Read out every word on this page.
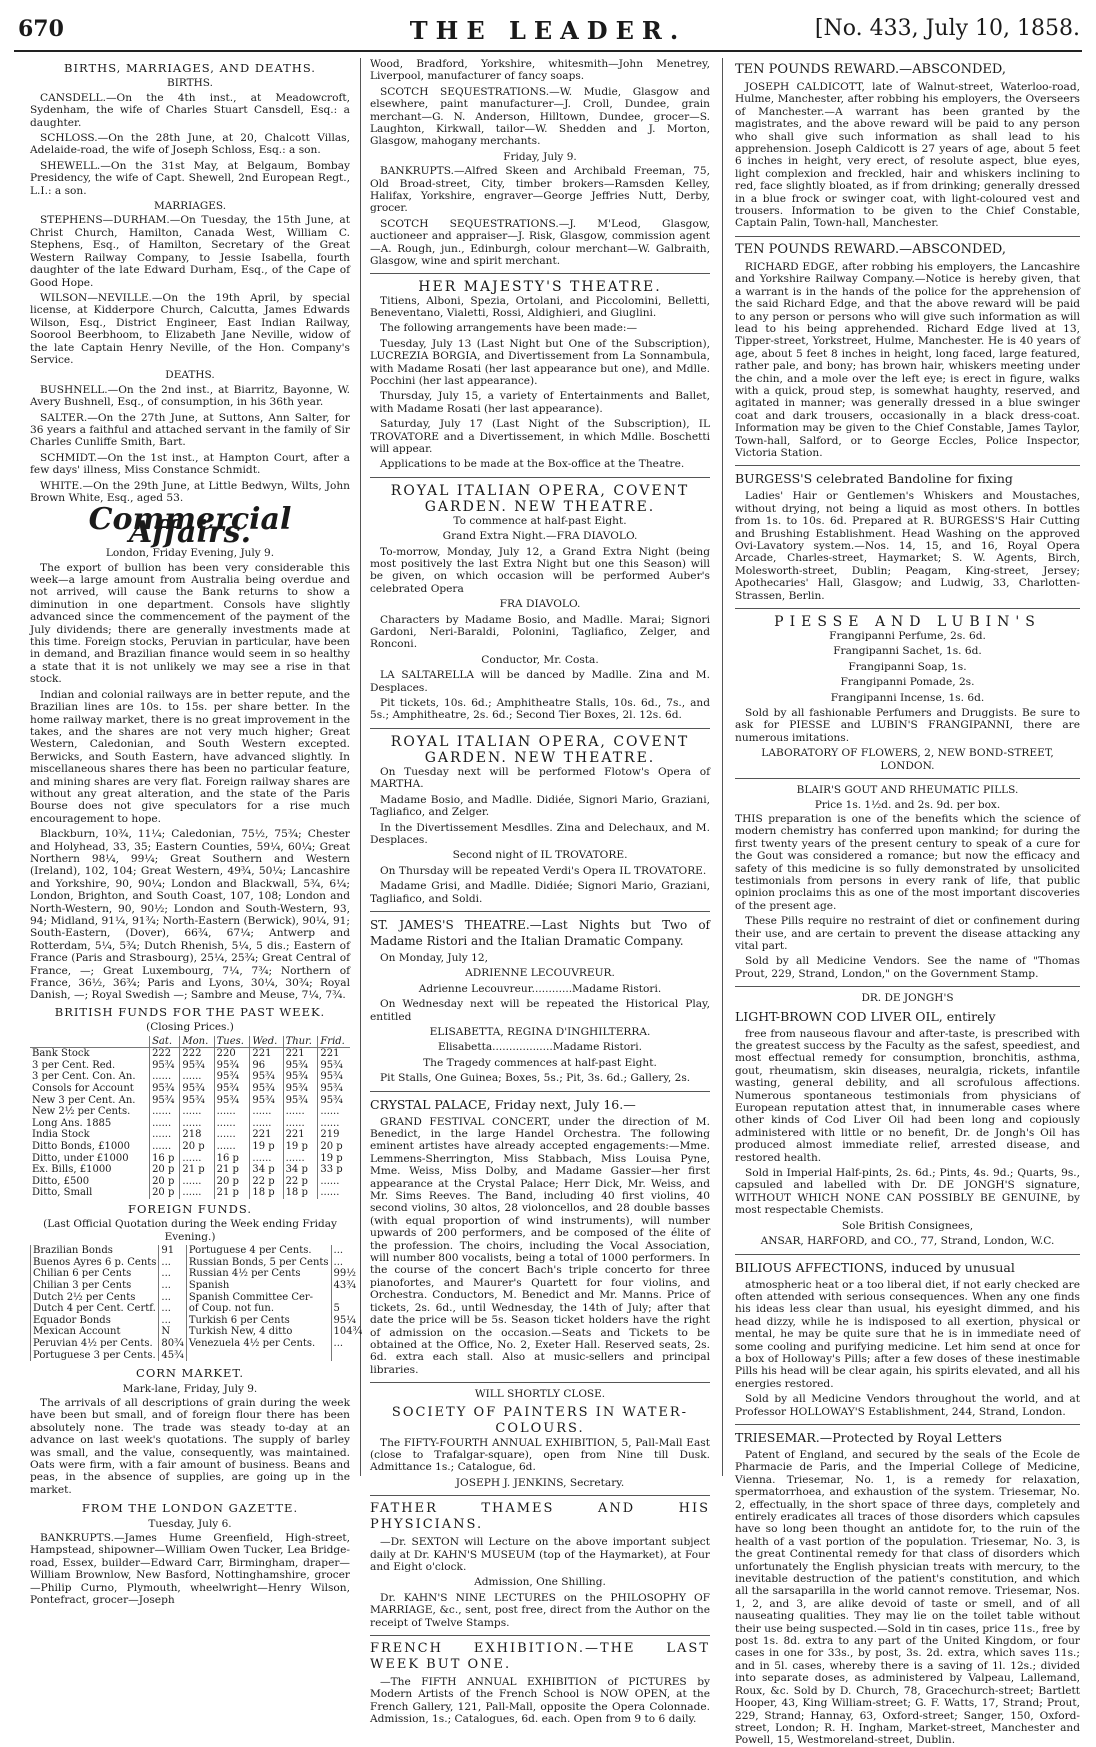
670	THE LEADER.	[No. 433, July 10, 1858.
BIRTHS, MARRIAGES, AND DEATHS.
BIRTHS.

CANSDELL.—On the 4th inst., at Meadowcroft, Sydenham, the wife of Charles Stuart Cansdell, Esq.: a daughter.

SCHLOSS.—On the 28th June, at 20, Chalcott Villas, Adelaide-road, the wife of Joseph Schloss, Esq.: a son.

SHEWELL.—On the 31st May, at Belgaum, Bombay Presidency, the wife of Capt. Shewell, 2nd European Regt., L.I.: a son.

MARRIAGES.

STEPHENS—DURHAM.—On Tuesday, the 15th June, at Christ Church, Hamilton, Canada West, William C. Stephens, Esq., of Hamilton, Secretary of the Great Western Railway Company, to Jessie Isabella, fourth daughter of the late Edward Durham, Esq., of the Cape of Good Hope.

WILSON—NEVILLE.—On the 19th April, by special license, at Kidderpore Church, Calcutta, James Edwards Wilson, Esq., District Engineer, East Indian Railway, Soorool Beerbhoom, to Elizabeth Jane Neville, widow of the late Captain Henry Neville, of the Hon. Company's Service.

DEATHS.

BUSHNELL.—On the 2nd inst., at Biarritz, Bayonne, W. Avery Bushnell, Esq., of consumption, in his 36th year.

SALTER.—On the 27th June, at Suttons, Ann Salter, for 36 years a faithful and attached servant in the family of Sir Charles Cunliffe Smith, Bart.

SCHMIDT.—On the 1st inst., at Hampton Court, after a few days' illness, Miss Constance Schmidt.

WHITE.—On the 29th June, at Little Bedwyn, Wilts, John Brown White, Esq., aged 53.

Commercial Affairs.
London, Friday Evening, July 9.

The export of bullion has been very considerable this week—a large amount from Australia being overdue and not arrived, will cause the Bank returns to show a diminution in one department. Consols have slightly advanced since the commencement of the payment of the July dividends; there are generally investments made at this time. Foreign stocks, Peruvian in particular, have been in demand, and Brazilian finance would seem in so healthy a state that it is not unlikely we may see a rise in that stock.

Indian and colonial railways are in better repute, and the Brazilian lines are 10s. to 15s. per share better. In the home railway market, there is no great improvement in the takes, and the shares are not very much higher; Great Western, Caledonian, and South Western excepted. Berwicks, and South Eastern, have advanced slightly. In miscellaneous shares there has been no particular feature, and mining shares are very flat. Foreign railway shares are without any great alteration, and the state of the Paris Bourse does not give speculators for a rise much encouragement to hope.

Blackburn, 10¾, 11¼; Caledonian, 75½, 75¾; Chester and Holyhead, 33, 35; Eastern Counties, 59¼, 60¼; Great Northern 98¼, 99¼; Great Southern and Western (Ireland), 102, 104; Great Western, 49¾, 50¼; Lancashire and Yorkshire, 90, 90¼; London and Blackwall, 5¾, 6¼; London, Brighton, and South Coast, 107, 108; London and North-Western, 90, 90½; London and South-Western, 93, 94; Midland, 91¼, 91¾; North-Eastern (Berwick), 90¼, 91; South-Eastern, (Dover), 66¾, 67¼; Antwerp and Rotterdam, 5¼, 5¾; Dutch Rhenish, 5¼, 5 dis.; Eastern of France (Paris and Strasbourg), 25¼, 25¾; Great Central of France, —; Great Luxembourg, 7¼, 7¾; Northern of France, 36½, 36¾; Paris and Lyons, 30¼, 30¾; Royal Danish, —; Royal Swedish —; Sambre and Meuse, 7¼, 7¾.

BRITISH FUNDS FOR THE PAST WEEK.
(Closing Prices.)
	Sat.	Mon.	Tues.	Wed.	Thur.	Frid.
Bank Stock	222	222	220	221	221	221
3 per Cent. Red.	95¾	95¾	95¾	96	95¾	95¾
3 per Cent. Con. An.	......	......	95¾	95¾	95¾	95¾
Consols for Account	95¾	95¾	95¾	95¾	95¾	95¾
New 3 per Cent. An.	95¾	95¾	95¾	95¾	95¾	95¾
New 2½ per Cents.	......	......	......	......	......	......
Long Ans. 1885	......	......	......	......	......	......
India Stock	......	218	......	221	221	219
Ditto Bonds, £1000	......	20 p	......	19 p	19 p	20 p
Ditto, under £1000	16 p	......	16 p	......	......	19 p
Ex. Bills, £1000	20 p	21 p	21 p	34 p	34 p	33 p
Ditto, £500	20 p	......	20 p	22 p	22 p	......
Ditto, Small	20 p	......	21 p	18 p	18 p	......
FOREIGN FUNDS.
(Last Official Quotation during the Week ending Friday Evening.)
Brazilian Bonds	91	Portuguese 4 per Cents.	...
Buenos Ayres 6 p. Cents	...	Russian Bonds, 5 per Cents	...
Chilian 6 per Cents	...	Russian 4½ per Cents	99½
Chilian 3 per Cents	...	Spanish	43¾
Dutch 2½ per Cents	...	Spanish Committee Cer-	
Dutch 4 per Cent. Certf.	...	of Coup. not fun.	5
Equador Bonds	...	Turkish 6 per Cents	95¼
Mexican Account	N	Turkish New, 4 ditto	104¾
Peruvian 4½ per Cents.	80¾	Venezuela 4½ per Cents.	...
Portuguese 3 per Cents.	45¾		
CORN MARKET.
Mark-lane, Friday, July 9.

The arrivals of all descriptions of grain during the week have been but small, and of foreign flour there has been absolutely none. The trade was steady to-day at an advance on last week's quotations. The supply of barley was small, and the value, consequently, was maintained. Oats were firm, with a fair amount of business. Beans and peas, in the absence of supplies, are going up in the market.

FROM THE LONDON GAZETTE.
Tuesday, July 6.

BANKRUPTS.—James Hume Greenfield, High-street, Hampstead, shipowner—William Owen Tucker, Lea Bridge-road, Essex, builder—Edward Carr, Birmingham, draper—William Brownlow, New Basford, Nottinghamshire, grocer—Philip Curno, Plymouth, wheelwright—Henry Wilson, Pontefract, grocer—Joseph

Wood, Bradford, Yorkshire, whitesmith—John Menetrey, Liverpool, manufacturer of fancy soaps.

SCOTCH SEQUESTRATIONS.—W. Mudie, Glasgow and elsewhere, paint manufacturer—J. Croll, Dundee, grain merchant—G. N. Anderson, Hilltown, Dundee, grocer—S. Laughton, Kirkwall, tailor—W. Shedden and J. Morton, Glasgow, mahogany merchants.

Friday, July 9.

BANKRUPTS.—Alfred Skeen and Archibald Freeman, 75, Old Broad-street, City, timber brokers—Ramsden Kelley, Halifax, Yorkshire, engraver—George Jeffries Nutt, Derby, grocer.

SCOTCH SEQUESTRATIONS.—J. M'Leod, Glasgow, auctioneer and appraiser—J. Risk, Glasgow, commission agent—A. Rough, jun., Edinburgh, colour merchant—W. Galbraith, Glasgow, wine and spirit merchant.

HER MAJESTY'S THEATRE.

Titiens, Alboni, Spezia, Ortolani, and Piccolomini, Belletti, Beneventano, Vialetti, Rossi, Aldighieri, and Giuglini.

The following arrangements have been made:—

Tuesday, July 13 (Last Night but One of the Subscription), LUCREZIA BORGIA, and Divertissement from La Sonnambula, with Madame Rosati (her last appearance but one), and Mdlle. Pocchini (her last appearance).

Thursday, July 15, a variety of Entertainments and Ballet, with Madame Rosati (her last appearance).

Saturday, July 17 (Last Night of the Subscription), IL TROVATORE and a Divertissement, in which Mdlle. Boschetti will appear.

Applications to be made at the Box-office at the Theatre.

ROYAL ITALIAN OPERA, COVENT GARDEN. NEW THEATRE.

To commence at half-past Eight.

Grand Extra Night.—FRA DIAVOLO.

To-morrow, Monday, July 12, a Grand Extra Night (being most positively the last Extra Night but one this Season) will be given, on which occasion will be performed Auber's celebrated Opera

FRA DIAVOLO.

Characters by Madame Bosio, and Madlle. Marai; Signori Gardoni, Neri-Baraldi, Polonini, Tagliafico, Zelger, and Ronconi.

Conductor, Mr. Costa.

LA SALTARELLA will be danced by Madlle. Zina and M. Desplaces.

Pit tickets, 10s. 6d.; Amphitheatre Stalls, 10s. 6d., 7s., and 5s.; Amphitheatre, 2s. 6d.; Second Tier Boxes, 2l. 12s. 6d.

ROYAL ITALIAN OPERA, COVENT GARDEN. NEW THEATRE.

On Tuesday next will be performed Flotow's Opera of MARTHA.

Madame Bosio, and Madlle. Didiée, Signori Mario, Graziani, Tagliafico, and Zelger.

In the Divertissement Mesdlles. Zina and Delechaux, and M. Desplaces.

Second night of IL TROVATORE.

On Thursday will be repeated Verdi's Opera IL TROVATORE.

Madame Grisi, and Madlle. Didiée; Signori Mario, Graziani, Tagliafico, and Soldi.

ST. JAMES'S THEATRE.—Last Nights but Two of Madame Ristori and the Italian Dramatic Company.

On Monday, July 12,

ADRIENNE LECOUVREUR.

Adrienne Lecouvreur............Madame Ristori.

On Wednesday next will be repeated the Historical Play, entitled

ELISABETTA, REGINA D'INGHILTERRA.

Elisabetta..................Madame Ristori.

The Tragedy commences at half-past Eight.

Pit Stalls, One Guinea; Boxes, 5s.; Pit, 3s. 6d.; Gallery, 2s.

CRYSTAL PALACE, Friday next, July 16.—

GRAND FESTIVAL CONCERT, under the direction of M. Benedict, in the large Handel Orchestra. The following eminent artistes have already accepted engagements:—Mme. Lemmens-Sherrington, Miss Stabbach, Miss Louisa Pyne, Mme. Weiss, Miss Dolby, and Madame Gassier—her first appearance at the Crystal Palace; Herr Dick, Mr. Weiss, and Mr. Sims Reeves. The Band, including 40 first violins, 40 second violins, 30 altos, 28 violoncellos, and 28 double basses (with equal proportion of wind instruments), will number upwards of 200 performers, and be composed of the élite of the profession. The choirs, including the Vocal Association, will number 800 vocalists, being a total of 1000 performers. In the course of the concert Bach's triple concerto for three pianofortes, and Maurer's Quartett for four violins, and Orchestra. Conductors, M. Benedict and Mr. Manns. Price of tickets, 2s. 6d., until Wednesday, the 14th of July; after that date the price will be 5s. Season ticket holders have the right of admission on the occasion.—Seats and Tickets to be obtained at the Office, No. 2, Exeter Hall. Reserved seats, 2s. 6d. extra each stall. Also at music-sellers and principal libraries.

WILL SHORTLY CLOSE.
SOCIETY OF PAINTERS IN WATER-COLOURS.

The FIFTY-FOURTH ANNUAL EXHIBITION, 5, Pall-Mall East (close to Trafalgar-square), open from Nine till Dusk. Admittance 1s.; Catalogue, 6d.

JOSEPH J. JENKINS, Secretary.

FATHER THAMES AND HIS PHYSICIANS.

—Dr. SEXTON will Lecture on the above important subject daily at Dr. KAHN'S MUSEUM (top of the Haymarket), at Four and Eight o'clock.

Admission, One Shilling.

Dr. KAHN'S NINE LECTURES on the PHILOSOPHY OF MARRIAGE, &c., sent, post free, direct from the Author on the receipt of Twelve Stamps.

FRENCH EXHIBITION.—THE LAST WEEK BUT ONE.

—The FIFTH ANNUAL EXHIBITION of PICTURES by Modern Artists of the French School is NOW OPEN, at the French Gallery, 121, Pall-Mall, opposite the Opera Colonnade. Admission, 1s.; Catalogues, 6d. each. Open from 9 to 6 daily.

TEN POUNDS REWARD.—ABSCONDED,

JOSEPH CALDICOTT, late of Walnut-street, Waterloo-road, Hulme, Manchester, after robbing his employers, the Overseers of Manchester.—A warrant has been granted by the magistrates, and the above reward will be paid to any person who shall give such information as shall lead to his apprehension. Joseph Caldicott is 27 years of age, about 5 feet 6 inches in height, very erect, of resolute aspect, blue eyes, light complexion and freckled, hair and whiskers inclining to red, face slightly bloated, as if from drinking; generally dressed in a blue frock or swinger coat, with light-coloured vest and trousers. Information to be given to the Chief Constable, Captain Palin, Town-hall, Manchester.

TEN POUNDS REWARD.—ABSCONDED,

RICHARD EDGE, after robbing his employers, the Lancashire and Yorkshire Railway Company.—Notice is hereby given, that a warrant is in the hands of the police for the apprehension of the said Richard Edge, and that the above reward will be paid to any person or persons who will give such information as will lead to his being apprehended. Richard Edge lived at 13, Tipper-street, Yorkstreet, Hulme, Manchester. He is 40 years of age, about 5 feet 8 inches in height, long faced, large featured, rather pale, and bony; has brown hair, whiskers meeting under the chin, and a mole over the left eye; is erect in figure, walks with a quick, proud step, is somewhat haughty, reserved, and agitated in manner; was generally dressed in a blue swinger coat and dark trousers, occasionally in a black dress-coat. Information may be given to the Chief Constable, James Taylor, Town-hall, Salford, or to George Eccles, Police Inspector, Victoria Station.

BURGESS'S celebrated Bandoline for fixing

Ladies' Hair or Gentlemen's Whiskers and Moustaches, without drying, not being a liquid as most others. In bottles from 1s. to 10s. 6d. Prepared at R. BURGESS'S Hair Cutting and Brushing Establishment. Head Washing on the approved Ovi-Lavatory system.—Nos. 14, 15, and 16, Royal Opera Arcade, Charles-street, Haymarket; S. W. Agents, Birch, Molesworth-street, Dublin; Peagam, King-street, Jersey; Apothecaries' Hall, Glasgow; and Ludwig, 33, Charlotten-Strassen, Berlin.

PIESSE AND LUBIN'S

Frangipanni Perfume, 2s. 6d.

Frangipanni Sachet, 1s. 6d.

Frangipanni Soap, 1s.

Frangipanni Pomade, 2s.

Frangipanni Incense, 1s. 6d.

Sold by all fashionable Perfumers and Druggists. Be sure to ask for PIESSE and LUBIN'S FRANGIPANNI, there are numerous imitations.

LABORATORY OF FLOWERS, 2, NEW BOND-STREET, LONDON.

BLAIR'S GOUT AND RHEUMATIC PILLS.
Price 1s. 1½d. and 2s. 9d. per box.

THIS preparation is one of the benefits which the science of modern chemistry has conferred upon mankind; for during the first twenty years of the present century to speak of a cure for the Gout was considered a romance; but now the efficacy and safety of this medicine is so fully demonstrated by unsolicited testimonials from persons in every rank of life, that public opinion proclaims this as one of the most important discoveries of the present age.

These Pills require no restraint of diet or confinement during their use, and are certain to prevent the disease attacking any vital part.

Sold by all Medicine Vendors. See the name of "Thomas Prout, 229, Strand, London," on the Government Stamp.

DR. DE JONGH'S

LIGHT-BROWN COD LIVER OIL, entirely

free from nauseous flavour and after-taste, is prescribed with the greatest success by the Faculty as the safest, speediest, and most effectual remedy for consumption, bronchitis, asthma, gout, rheumatism, skin diseases, neuralgia, rickets, infantile wasting, general debility, and all scrofulous affections. Numerous spontaneous testimonials from physicians of European reputation attest that, in innumerable cases where other kinds of Cod Liver Oil had been long and copiously administered with little or no benefit, Dr. de Jongh's Oil has produced almost immediate relief, arrested disease, and restored health.

Sold in Imperial Half-pints, 2s. 6d.; Pints, 4s. 9d.; Quarts, 9s., capsuled and labelled with Dr. DE JONGH'S signature, WITHOUT WHICH NONE CAN POSSIBLY BE GENUINE, by most respectable Chemists.

Sole British Consignees,

ANSAR, HARFORD, and CO., 77, Strand, London, W.C.

BILIOUS AFFECTIONS, induced by unusual

atmospheric heat or a too liberal diet, if not early checked are often attended with serious consequences. When any one finds his ideas less clear than usual, his eyesight dimmed, and his head dizzy, while he is indisposed to all exertion, physical or mental, he may be quite sure that he is in immediate need of some cooling and purifying medicine. Let him send at once for a box of Holloway's Pills; after a few doses of these inestimable Pills his head will be clear again, his spirits elevated, and all his energies restored.

Sold by all Medicine Vendors throughout the world, and at Professor HOLLOWAY'S Establishment, 244, Strand, London.

TRIESEMAR.—Protected by Royal Letters

Patent of England, and secured by the seals of the Ecole de Pharmacie de Paris, and the Imperial College of Medicine, Vienna. Triesemar, No. 1, is a remedy for relaxation, spermatorrhoea, and exhaustion of the system. Triesemar, No. 2, effectually, in the short space of three days, completely and entirely eradicates all traces of those disorders which capsules have so long been thought an antidote for, to the ruin of the health of a vast portion of the population. Triesemar, No. 3, is the great Continental remedy for that class of disorders which unfortunately the English physician treats with mercury, to the inevitable destruction of the patient's constitution, and which all the sarsaparilla in the world cannot remove. Triesemar, Nos. 1, 2, and 3, are alike devoid of taste or smell, and of all nauseating qualities. They may lie on the toilet table without their use being suspected.—Sold in tin cases, price 11s., free by post 1s. 8d. extra to any part of the United Kingdom, or four cases in one for 33s., by post, 3s. 2d. extra, which saves 11s.; and in 5l. cases, whereby there is a saving of 1l. 12s.; divided into separate doses, as administered by Valpeau, Lallemand, Roux, &c. Sold by D. Church, 78, Gracechurch-street; Bartlett Hooper, 43, King William-street; G. F. Watts, 17, Strand; Prout, 229, Strand; Hannay, 63, Oxford-street; Sanger, 150, Oxford-street, London; R. H. Ingham, Market-street, Manchester and Powell, 15, Westmoreland-street, Dublin.
